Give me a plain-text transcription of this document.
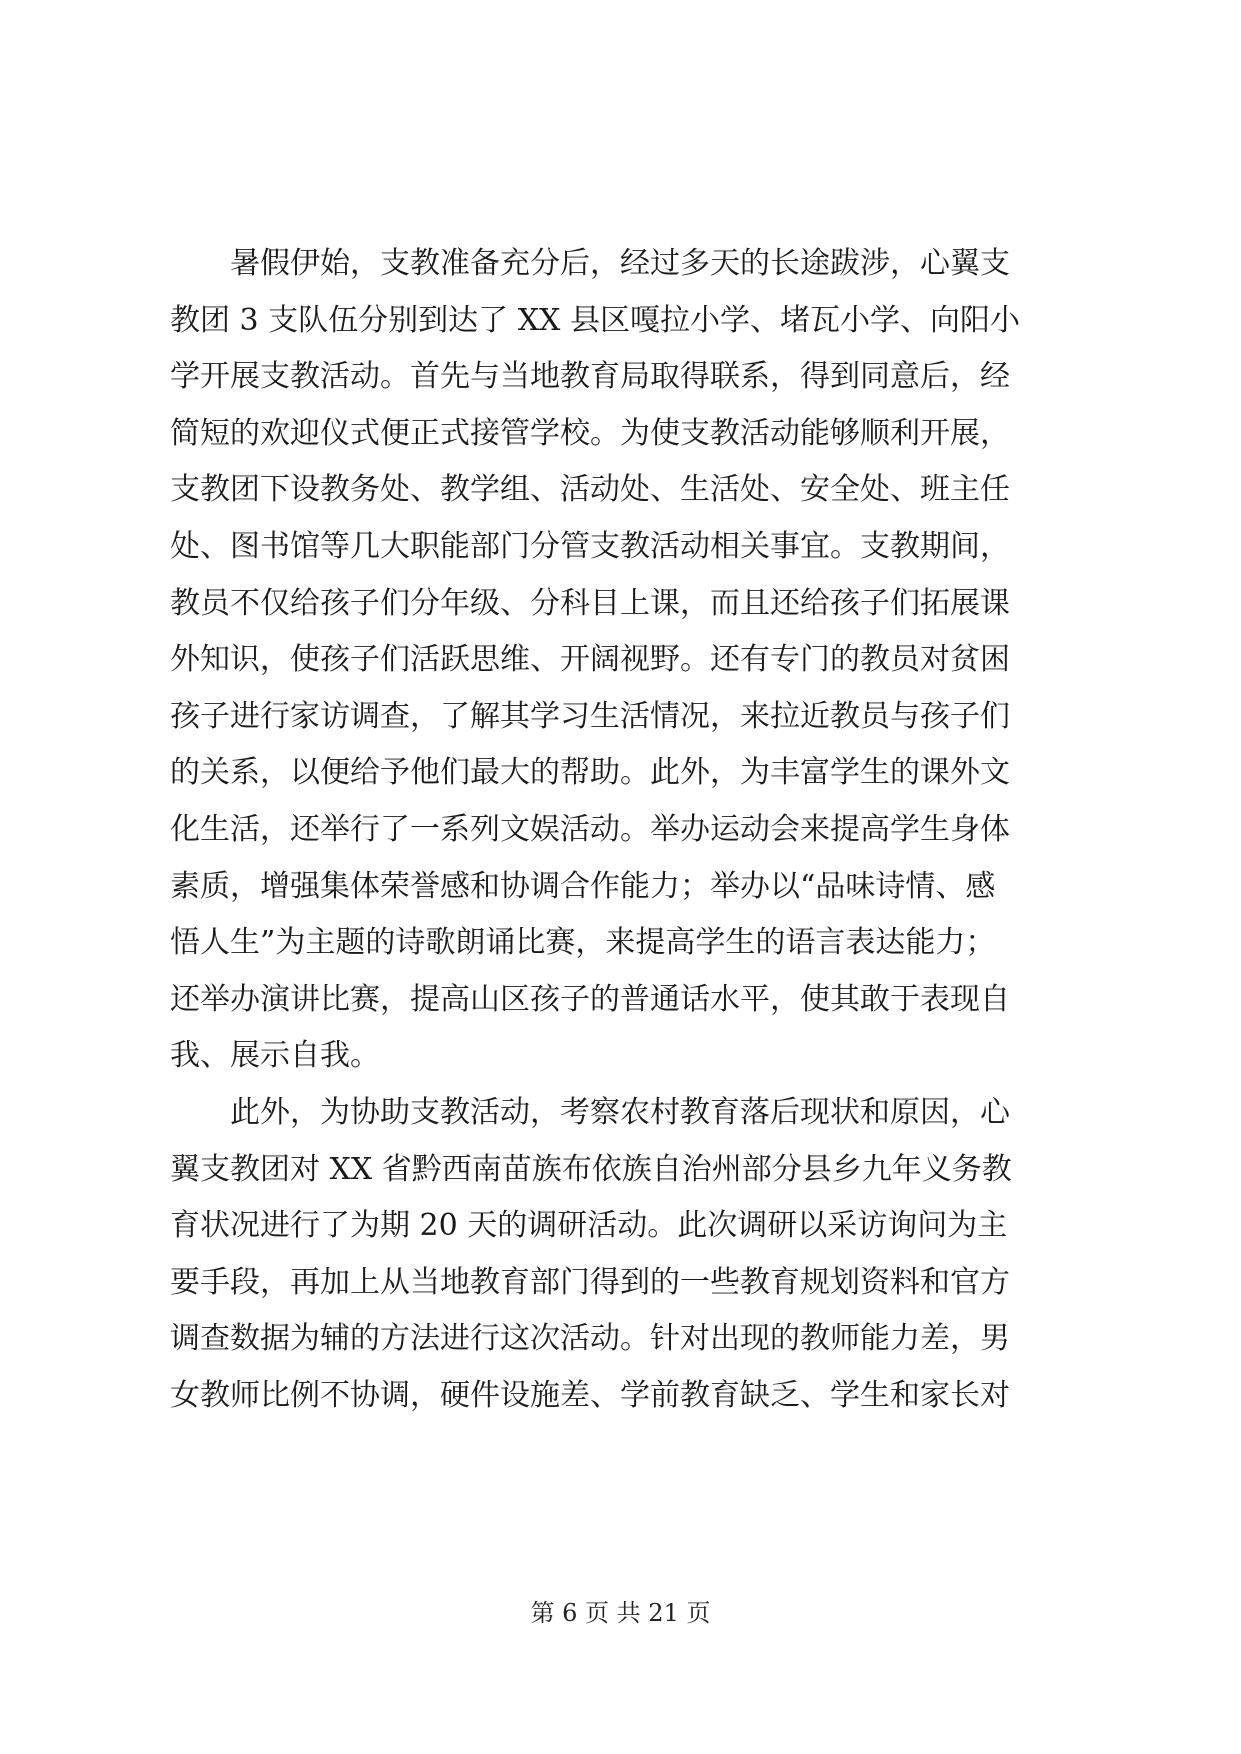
　　暑假伊始，支教准备充分后，经过多天的长途跋涉，心翼支
教团 3 支队伍分别到达了 XX 县区嘎拉小学、堵瓦小学、向阳小
学开展支教活动。首先与当地教育局取得联系，得到同意后，经
简短的欢迎仪式便正式接管学校。为使支教活动能够顺利开展，
支教团下设教务处、教学组、活动处、生活处、安全处、班主任
处、图书馆等几大职能部门分管支教活动相关事宜。支教期间，
教员不仅给孩子们分年级、分科目上课，而且还给孩子们拓展课
外知识，使孩子们活跃思维、开阔视野。还有专门的教员对贫困
孩子进行家访调查，了解其学习生活情况，来拉近教员与孩子们
的关系，以便给予他们最大的帮助。此外，为丰富学生的课外文
化生活，还举行了一系列文娱活动。举办运动会来提高学生身体
素质，增强集体荣誉感和协调合作能力；举办以“品味诗情、感
悟人生”为主题的诗歌朗诵比赛，来提高学生的语言表达能力；
还举办演讲比赛，提高山区孩子的普通话水平，使其敢于表现自
我、展示自我。
　　此外，为协助支教活动，考察农村教育落后现状和原因，心
翼支教团对 XX 省黔西南苗族布依族自治州部分县乡九年义务教
育状况进行了为期 20 天的调研活动。此次调研以采访询问为主
要手段，再加上从当地教育部门得到的一些教育规划资料和官方
调查数据为辅的方法进行这次活动。针对出现的教师能力差，男
女教师比例不协调，硬件设施差、学前教育缺乏、学生和家长对
第 6 页 共 21 页
